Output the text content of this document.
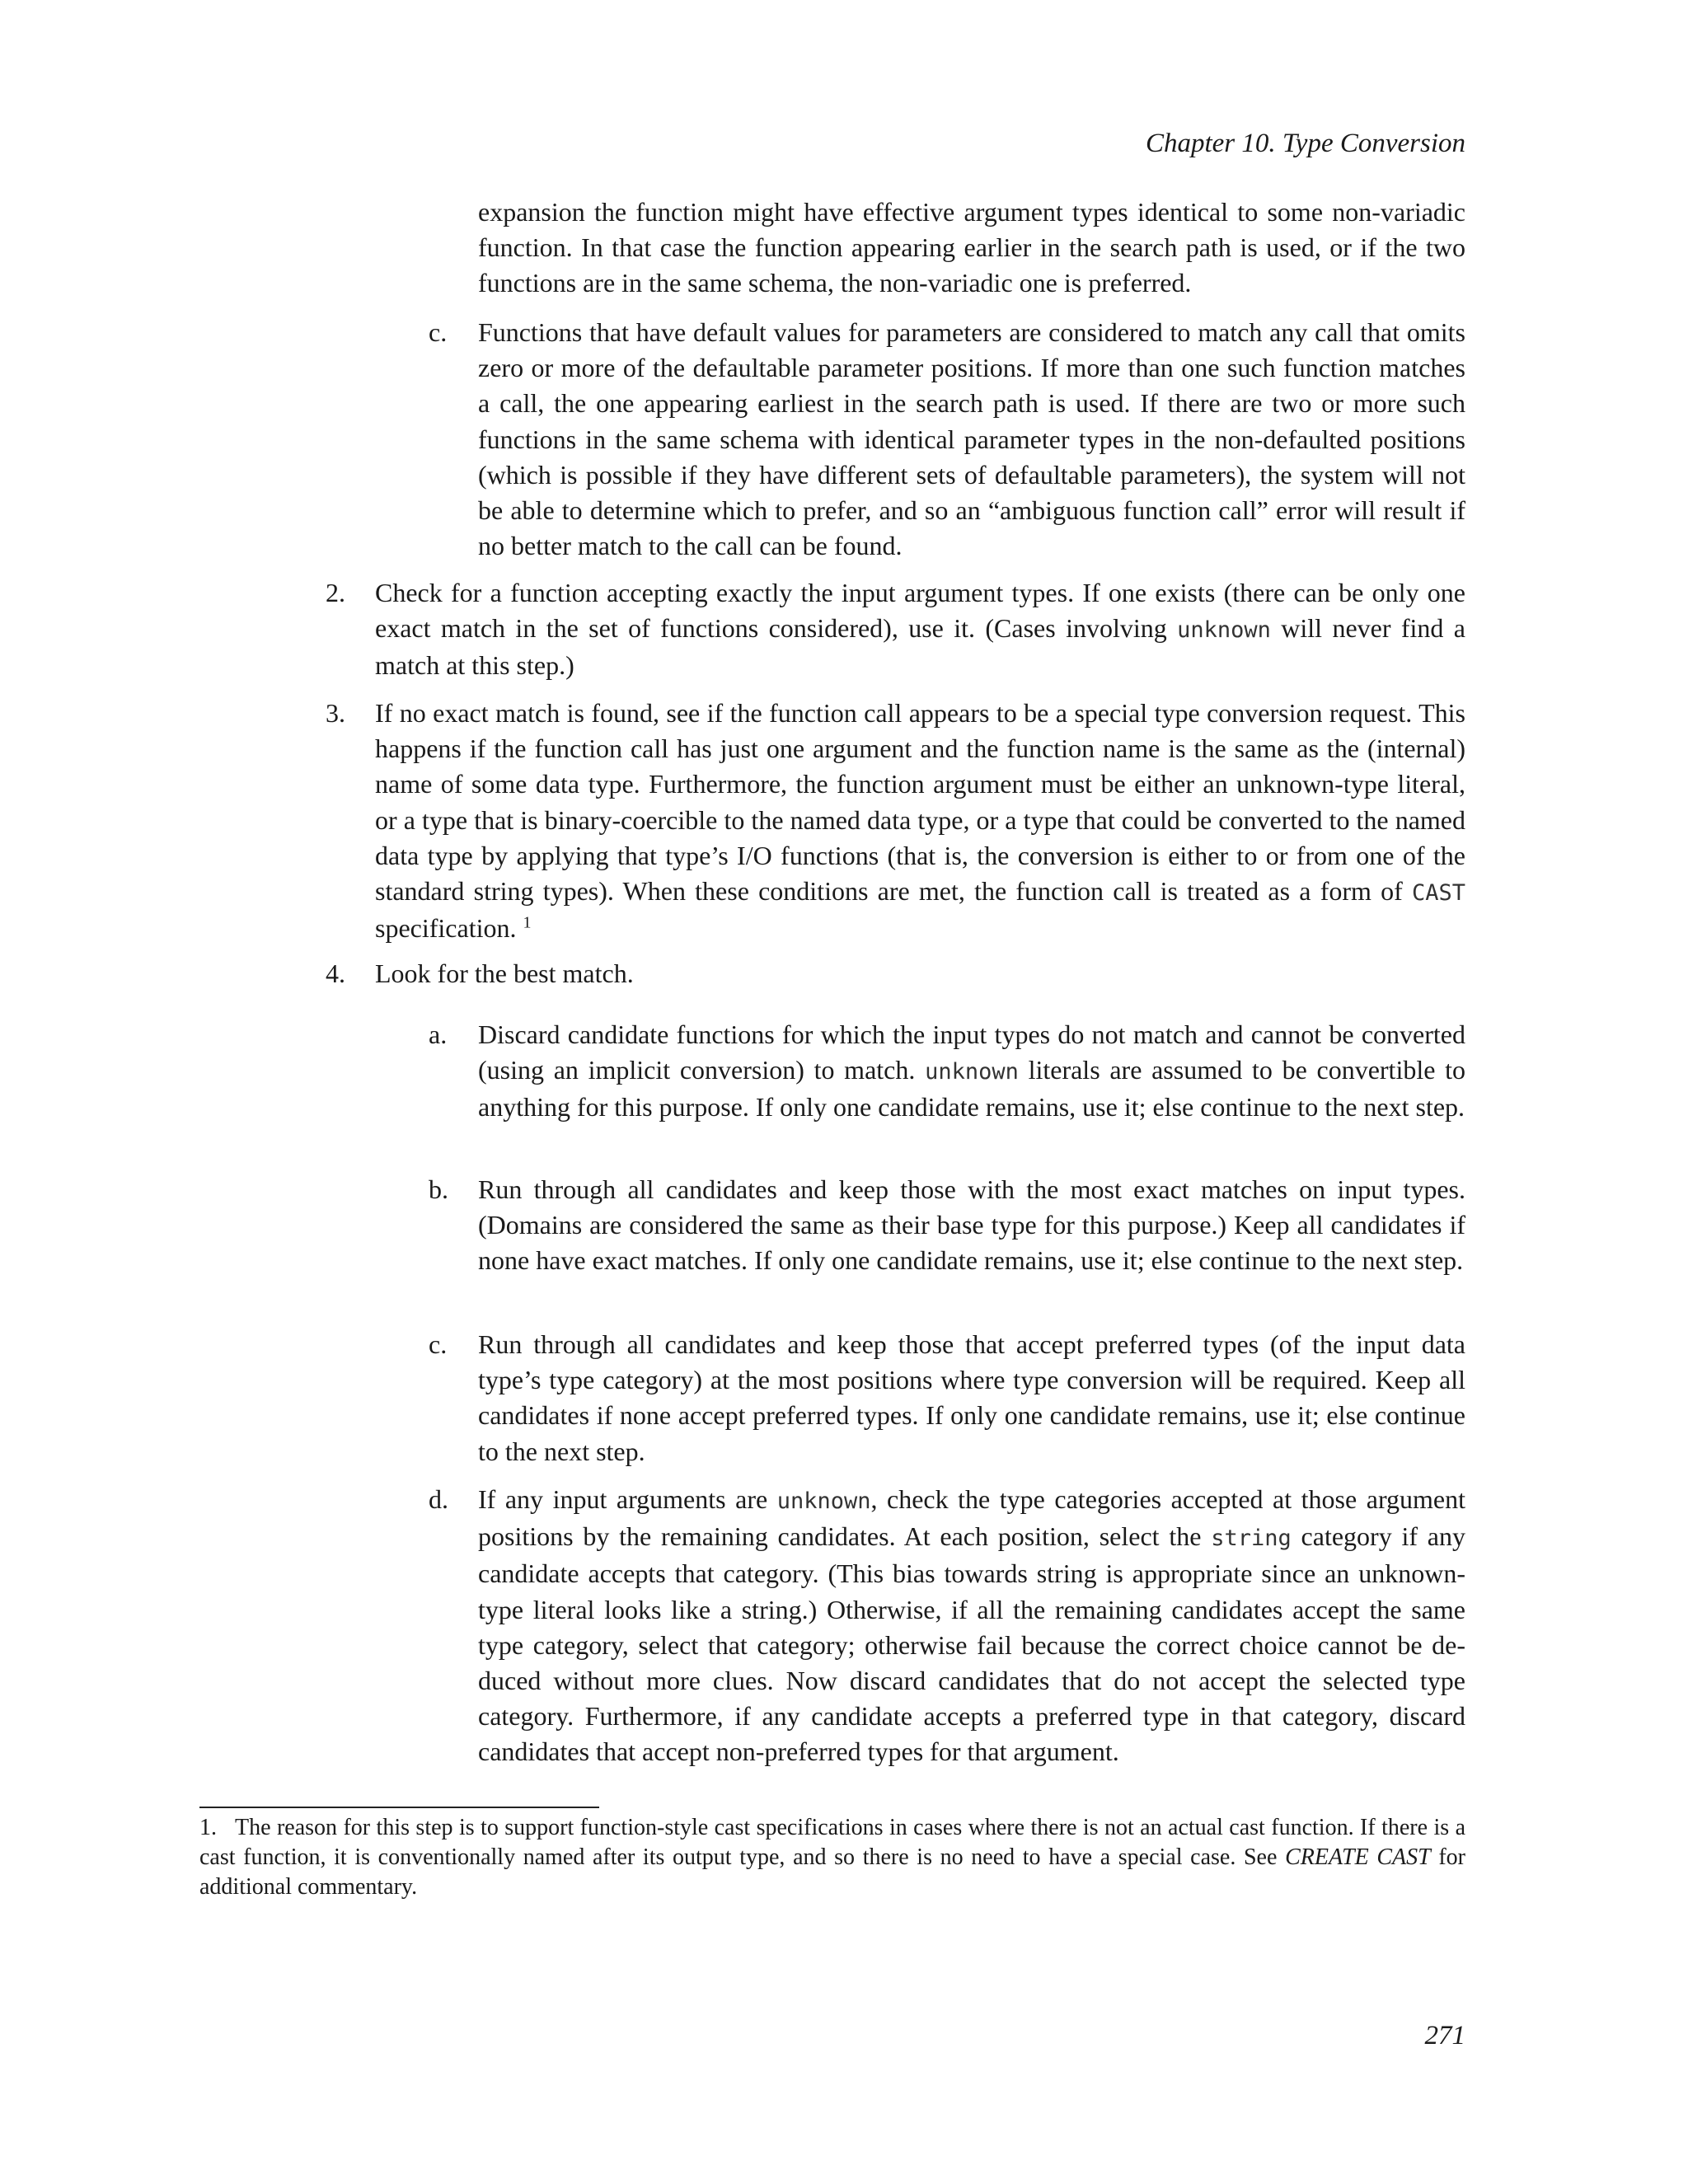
Chapter 10. Type Conversion

expansion the function might have effective argument types identical to some non-variadic function. In that case the function appearing earlier in the search path is used, or if the two functions are in the same schema, the non-variadic one is preferred.

c. Functions that have default values for parameters are considered to match any call that omits zero or more of the defaultable parameter positions. If more than one such function matches a call, the one appearing earliest in the search path is used. If there are two or more such functions in the same schema with identical parameter types in the non-defaulted positions (which is possible if they have different sets of defaultable parameters), the system will not be able to determine which to prefer, and so an “ambiguous function call” error will result if no better match to the call can be found.

2. Check for a function accepting exactly the input argument types. If one exists (there can be only one exact match in the set of functions considered), use it. (Cases involving unknown will never find a match at this step.)

3. If no exact match is found, see if the function call appears to be a special type conversion request. This happens if the function call has just one argument and the function name is the same as the (internal) name of some data type. Furthermore, the function argument must be either an unknown-type literal, or a type that is binary-coercible to the named data type, or a type that could be converted to the named data type by applying that type’s I/O functions (that is, the conversion is either to or from one of the standard string types). When these conditions are met, the function call is treated as a form of CAST specification. $^1$

4. Look for the best match.

a. Discard candidate functions for which the input types do not match and cannot be converted (using an implicit conversion) to match. unknown literals are assumed to be convertible to anything for this purpose. If only one candidate remains, use it; else continue to the next step.

b. Run through all candidates and keep those with the most exact matches on input types. (Domains are considered the same as their base type for this purpose.) Keep all candidates if none have exact matches. If only one candidate remains, use it; else continue to the next step.

c. Run through all candidates and keep those that accept preferred types (of the input data type’s type category) at the most positions where type conversion will be required. Keep all candidates if none accept preferred types. If only one candidate remains, use it; else continue to the next step.

d. If any input arguments are unknown, check the type categories accepted at those argument positions by the remaining candidates. At each position, select the string category if any candidate accepts that category. (This bias towards string is appropriate since an unknown-type literal looks like a string.) Otherwise, if all the remaining candidates accept the same type category, select that category; otherwise fail because the correct choice cannot be deduced without more clues. Now discard candidates that do not accept the selected type category. Furthermore, if any candidate accepts a preferred type in that category, discard candidates that accept non-preferred types for that argument.

1. The reason for this step is to support function-style cast specifications in cases where there is not an actual cast function. If there is a cast function, it is conventionally named after its output type, and so there is no need to have a special case. See CREATE CAST for additional commentary.

271
